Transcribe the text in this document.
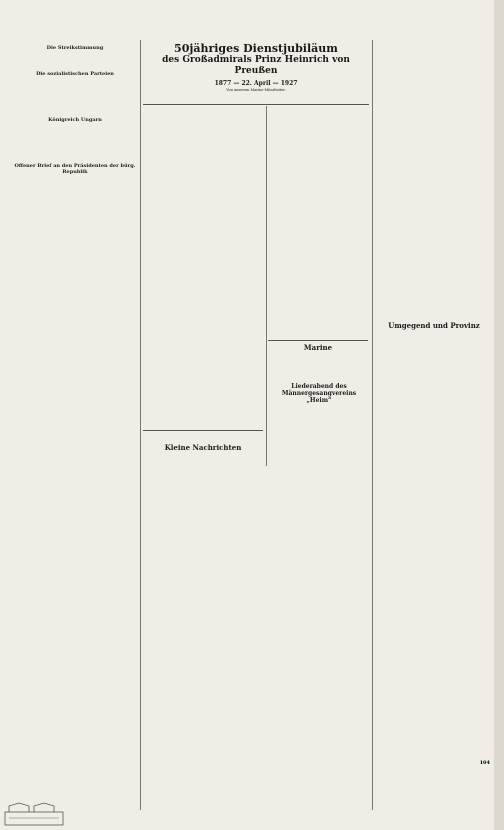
50jähriges Dienstjubiläum
des Großadmirals Prinz Heinrich von Preußen
1877 — 22. April — 1927
Von unserem Marine-Mitarbeiter.
Die Streikstimmung
Die sozialistischen Parteien
Königreich Ungarn
Offener Brief an den Präsidenten der bürg. Republik
Marine
Umgegend und Provinz
Kleine Nachrichten
Liederabend des Männergesangvereins „Heim“
104
